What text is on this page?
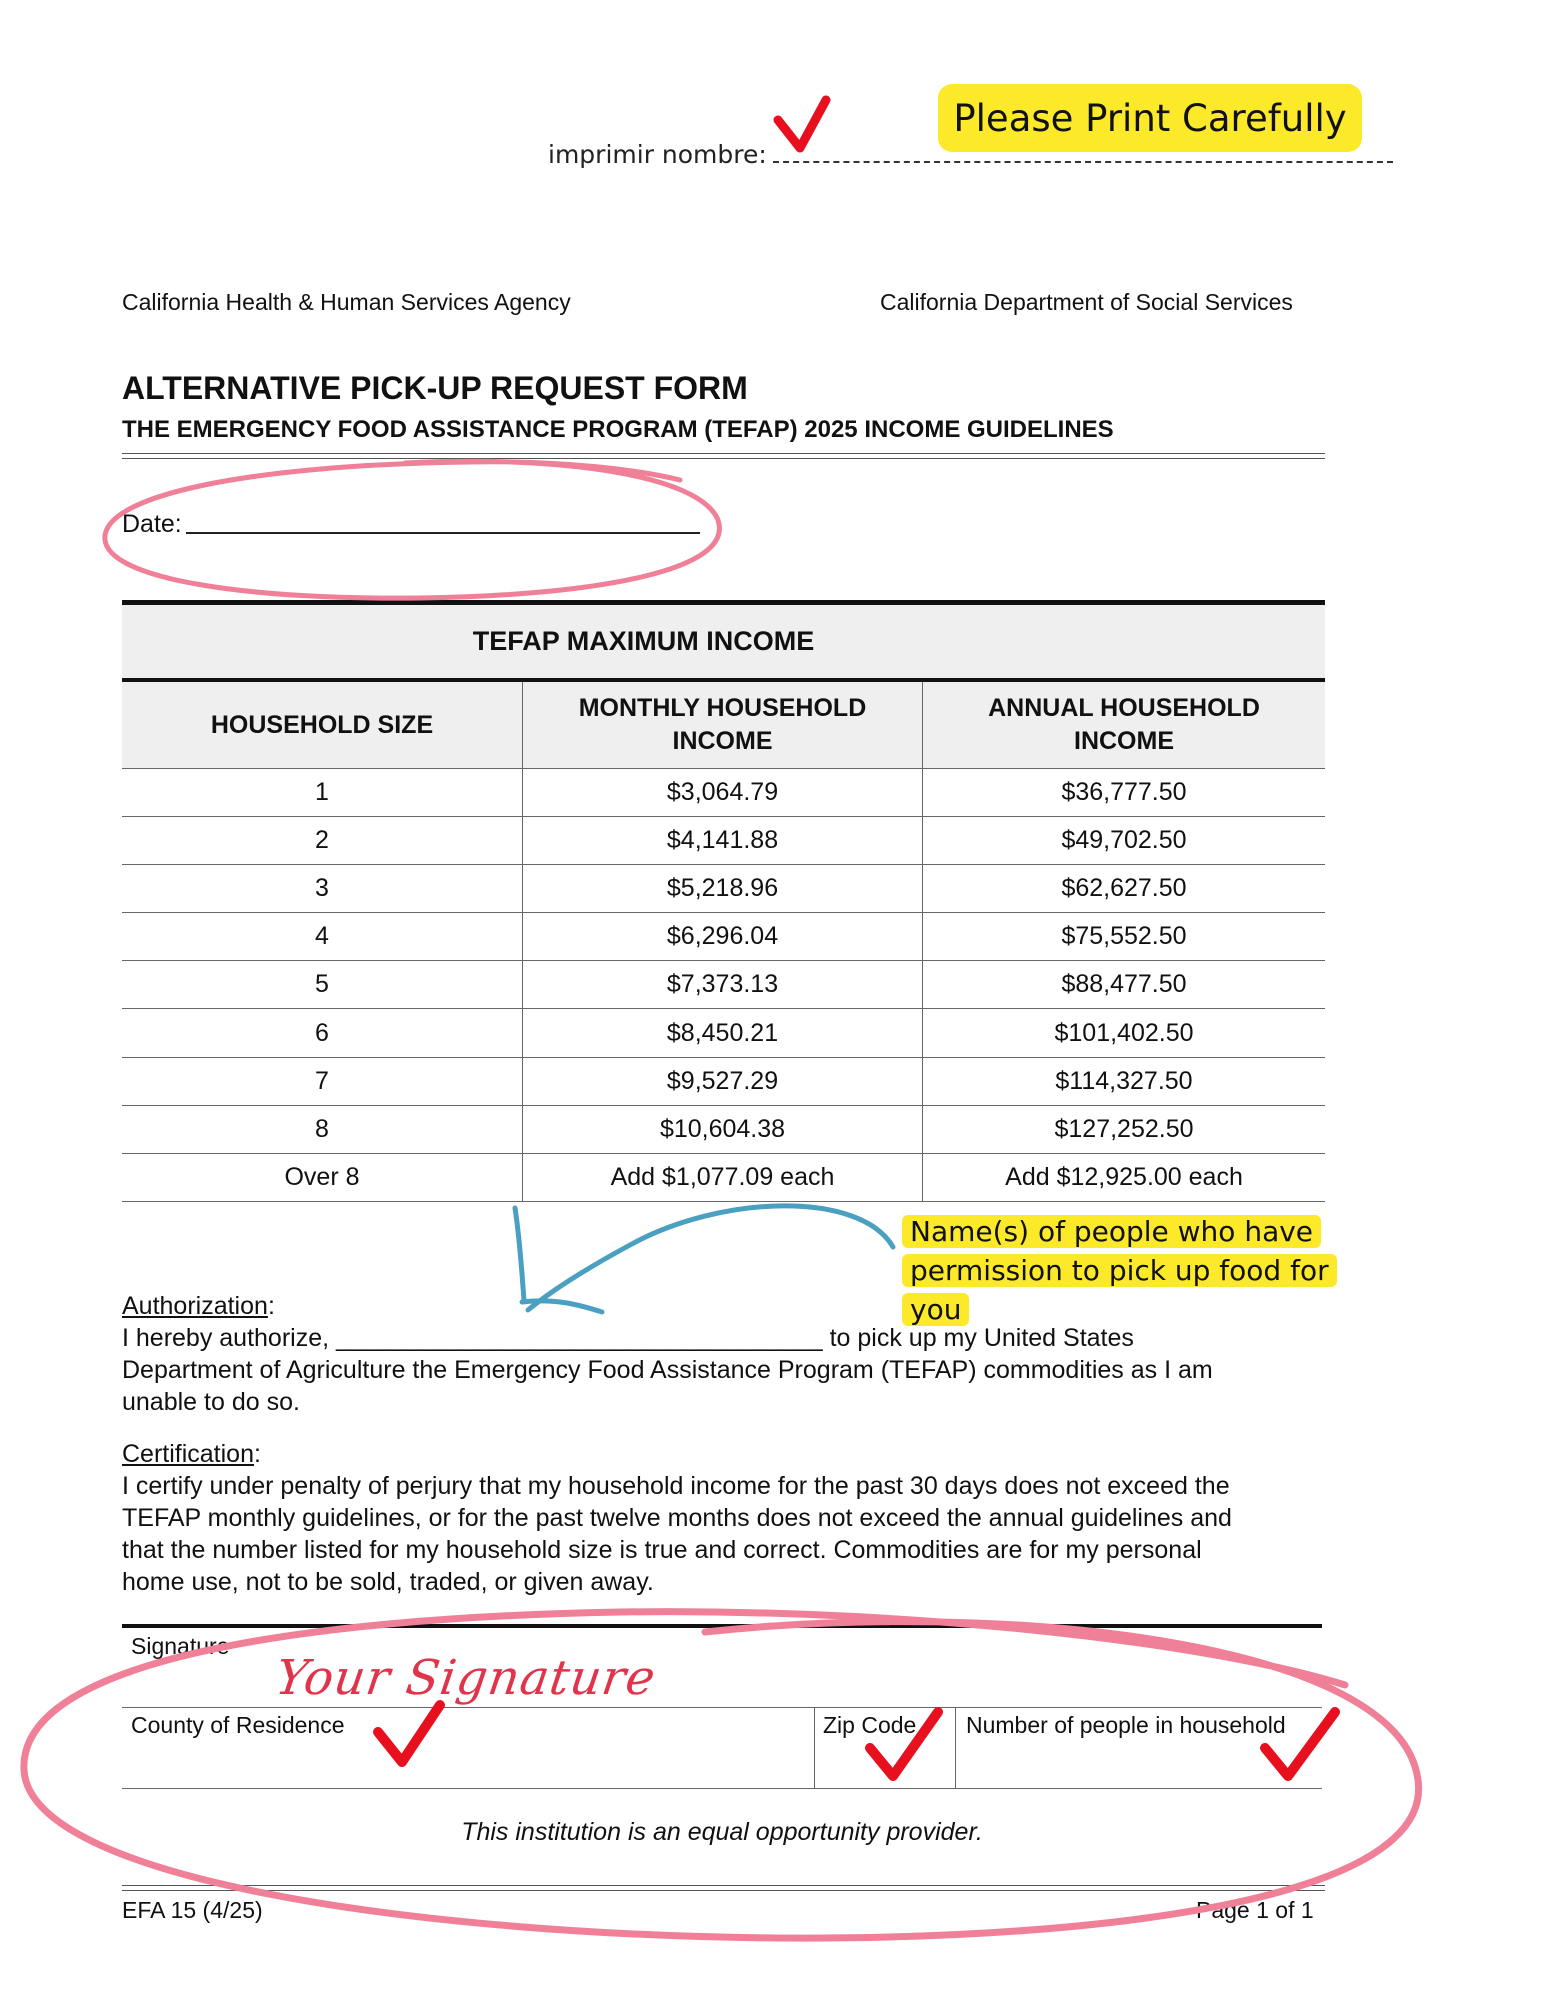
imprimir nombre:
Please Print Carefully
California Health & Human Services Agency	California Department of Social Services
ALTERNATIVE PICK-UP REQUEST FORM
THE EMERGENCY FOOD ASSISTANCE PROGRAM (TEFAP) 2025 INCOME GUIDELINES
Date:
TEFAP MAXIMUM INCOME
HOUSEHOLD SIZE
MONTHLY HOUSEHOLD INCOME
ANNUAL HOUSEHOLD INCOME
1	$3,064.79	$36,777.50
2	$4,141.88	$49,702.50
3	$5,218.96	$62,627.50
4	$6,296.04	$75,552.50
5	$7,373.13	$88,477.50
6	$8,450.21	$101,402.50
7	$9,527.29	$114,327.50
8	$10,604.38	$127,252.50
Over 8	Add $1,077.09 each	Add $12,925.00 each
Name(s) of people who have
permission to pick up food for you
Authorization:
I hereby authorize, ___________________________________ to pick up my United States
Department of Agriculture the Emergency Food Assistance Program (TEFAP) commodities as I am
unable to do so.
Certification:
I certify under penalty of perjury that my household income for the past 30 days does not exceed the
TEFAP monthly guidelines, or for the past twelve months does not exceed the annual guidelines and
that the number listed for my household size is true and correct. Commodities are for my personal
home use, not to be sold, traded, or given away.
Signature
Your Signature
County of Residence	Zip Code Number of people in household
This institution is an equal opportunity provider.
EFA 15 (4/25)	Page 1 of 1
